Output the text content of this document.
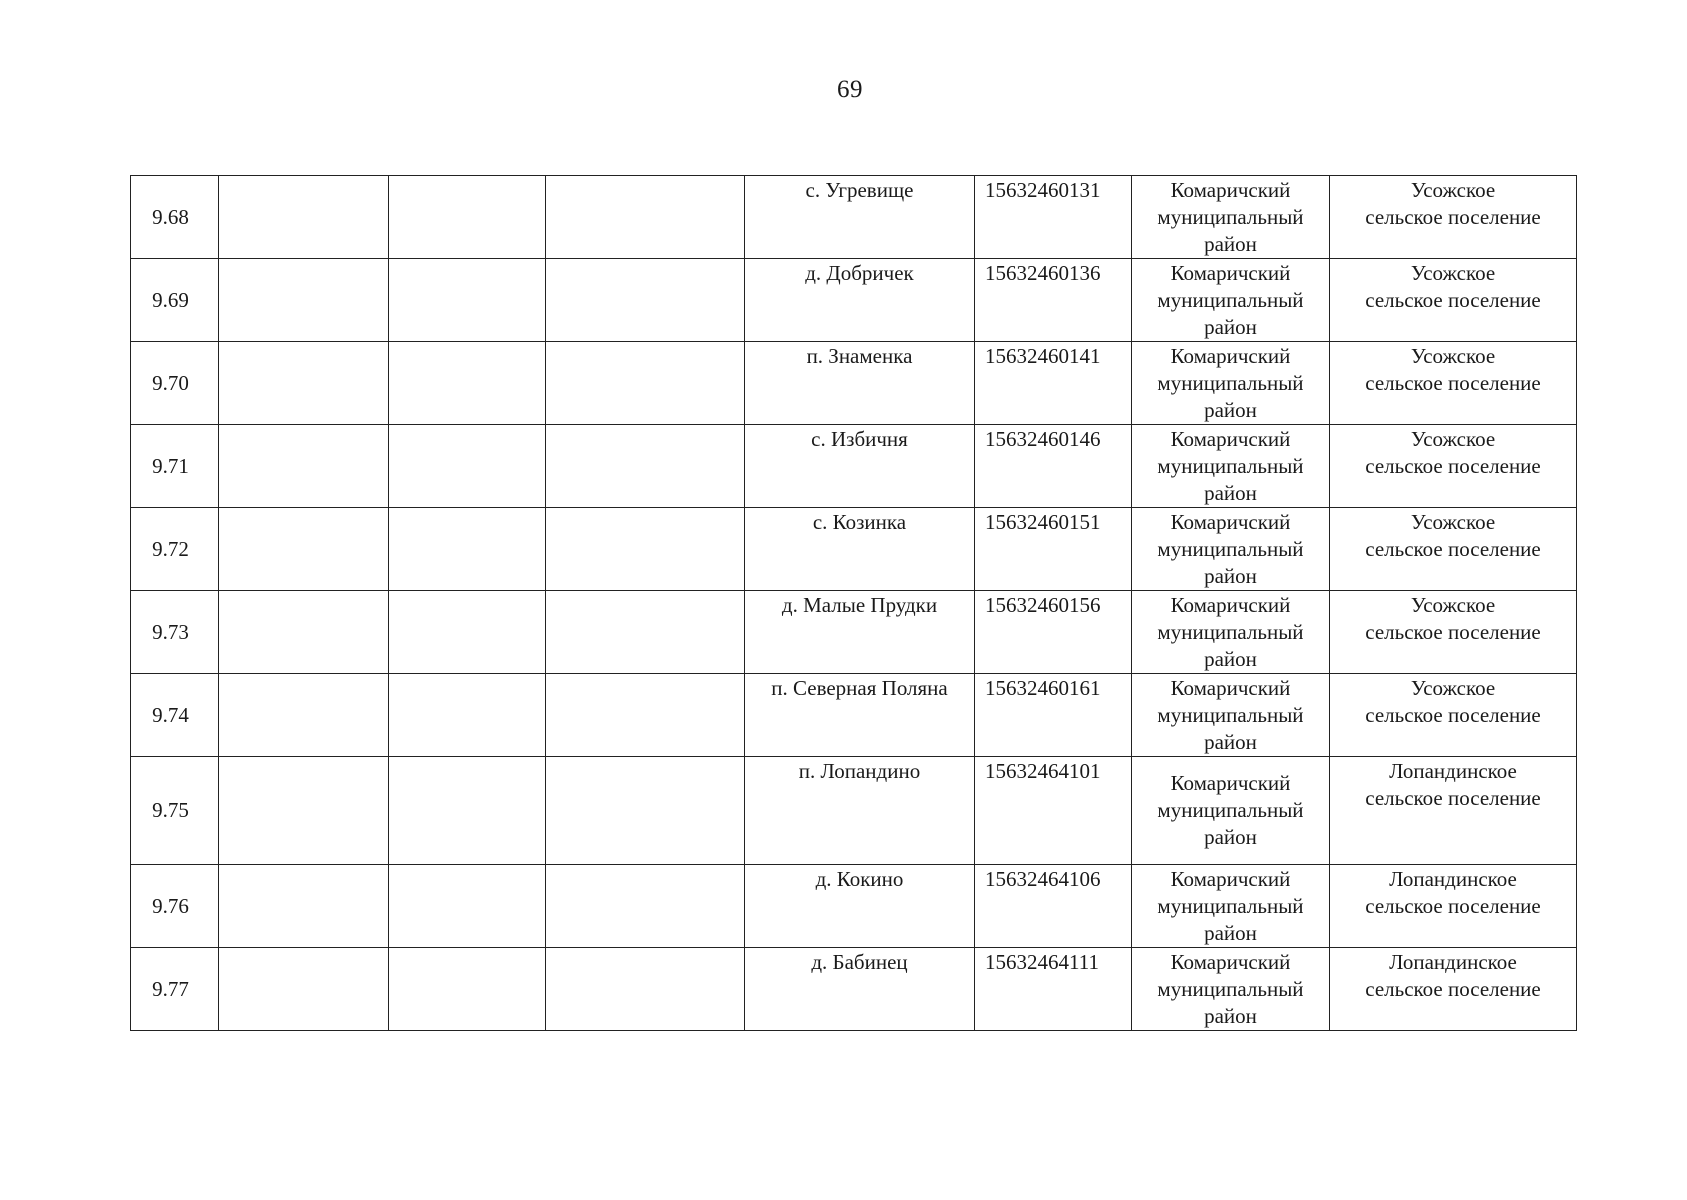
69
9.68				с. Угревище	15632460131	Комаричский
муниципальный
район	Усожское
сельское поселение

9.69				д. Добричек	15632460136	Комаричский
муниципальный
район	Усожское
сельское поселение

9.70				п. Знаменка	15632460141	Комаричский
муниципальный
район	Усожское
сельское поселение

9.71				с. Избичня	15632460146	Комаричский
муниципальный
район	Усожское
сельское поселение

9.72				с. Козинка	15632460151	Комаричский
муниципальный
район	Усожское
сельское поселение

9.73				д. Малые Прудки	15632460156	Комаричский
муниципальный
район	Усожское
сельское поселение

9.74				п. Северная Поляна	15632460161	Комаричский
муниципальный
район	Усожское
сельское поселение

9.75				п. Лопандино	15632464101	Комаричский
муниципальный
район	Лопандинское
сельское поселение

9.76				д. Кокино	15632464106	Комаричский
муниципальный
район	Лопандинское
сельское поселение

9.77				д. Бабинец	15632464111	Комаричский
муниципальный
район	Лопандинское
сельское поселение
